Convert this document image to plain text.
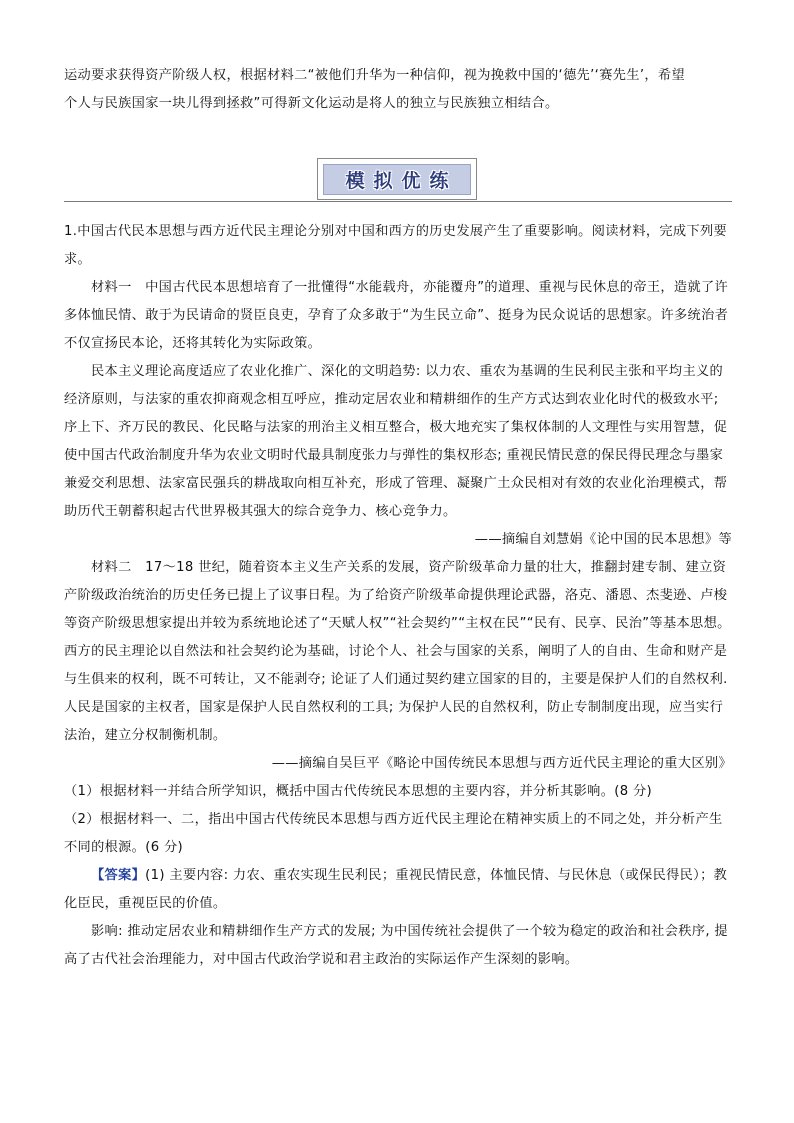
运动要求获得资产阶级人权，根据材料二“被他们升华为一种信仰，视为挽救中国的‘德先’‘赛先生’，希望

个人与民族国家一块儿得到拯救”可得新文化运动是将人的独立与民族独立相结合。

模拟优练

1.中国古代民本思想与西方近代民主理论分别对中国和西方的历史发展产生了重要影响。阅读材料，完成下列要求。

材料一　中国古代民本思想培育了一批懂得“水能载舟，亦能覆舟”的道理、重视与民休息的帝王，造就了许多体恤民情、敢于为民请命的贤臣良吏，孕育了众多敢于“为生民立命”、挺身为民众说话的思想家。许多统治者不仅宣扬民本论，还将其转化为实际政策。

民本主义理论高度适应了农业化推广、深化的文明趋势: 以力农、重农为基调的生民利民主张和平均主义的经济原则，与法家的重农抑商观念相互呼应，推动定居农业和精耕细作的生产方式达到农业化时代的极致水平; 序上下、齐万民的教民、化民略与法家的刑治主义相互整合，极大地充实了集权体制的人文理性与实用智慧，促使中国古代政治制度升华为农业文明时代最具制度张力与弹性的集权形态; 重视民情民意的保民得民理念与墨家兼爱交利思想、法家富民强兵的耕战取向相互补充，形成了管理、凝聚广土众民相对有效的农业化治理模式，帮助历代王朝蓄积起古代世界极其强大的综合竞争力、核心竞争力。

——摘编自刘慧娟《论中国的民本思想》等

材料二　17～18 世纪，随着资本主义生产关系的发展，资产阶级革命力量的壮大，推翻封建专制、建立资产阶级政治统治的历史任务已提上了议事日程。为了给资产阶级革命提供理论武器，洛克、潘恩、杰斐逊、卢梭等资产阶级思想家提出并较为系统地论述了“天赋人权”“社会契约”“主权在民”“民有、民享、民治”等基本思想。西方的民主理论以自然法和社会契约论为基础，讨论个人、社会与国家的关系，阐明了人的自由、生命和财产是与生俱来的权利，既不可转让，又不能剥夺; 论证了人们通过契约建立国家的目的，主要是保护人们的自然权利. 人民是国家的主权者，国家是保护人民自然权利的工具; 为保护人民的自然权利，防止专制制度出现，应当实行法治，建立分权制衡机制。

——摘编自吴巨平《略论中国传统民本思想与西方近代民主理论的重大区别》

（1）根据材料一并结合所学知识，概括中国古代传统民本思想的主要内容，并分析其影响。(8 分)

（2）根据材料一、二，指出中国古代传统民本思想与西方近代民主理论在精神实质上的不同之处，并分析产生不同的根源。(6 分)

【答案】(1) 主要内容: 力农、重农实现生民利民；重视民情民意，体恤民情、与民休息（或保民得民）；教化臣民，重视臣民的价值。

影响: 推动定居农业和精耕细作生产方式的发展; 为中国传统社会提供了一个较为稳定的政治和社会秩序, 提高了古代社会治理能力，对中国古代政治学说和君主政治的实际运作产生深刻的影响。
